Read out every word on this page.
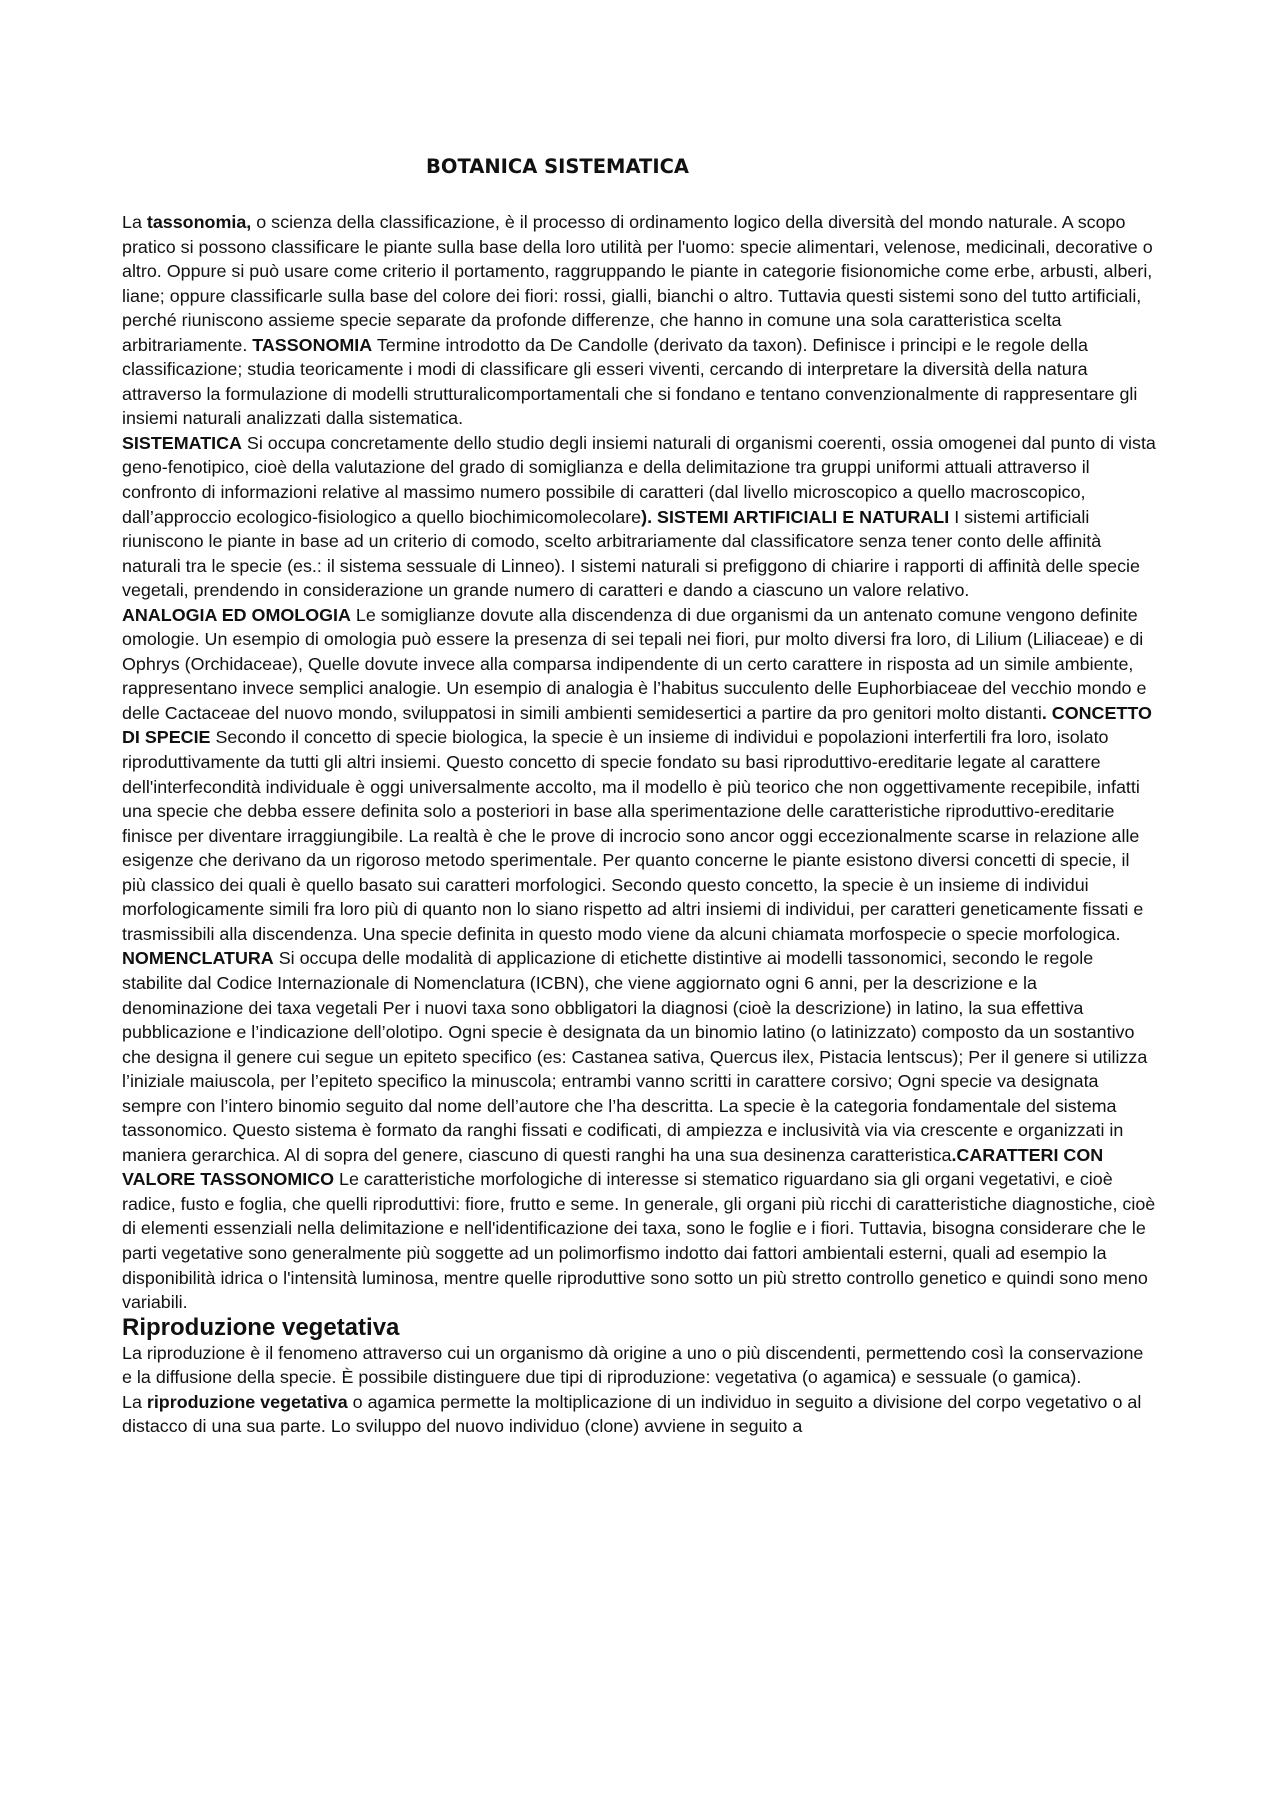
BOTANICA SISTEMATICA

La tassonomia, o scienza della classificazione, è il processo di ordinamento logico della diversità del mondo naturale. A scopo pratico si possono classificare le piante sulla base della loro utilità per l'uomo: specie alimentari, velenose, medicinali, decorative o altro. Oppure si può usare come criterio il portamento, raggruppando le piante in categorie fisionomiche come erbe, arbusti, alberi, liane; oppure classificarle sulla base del colore dei fiori: rossi, gialli, bianchi o altro. Tuttavia questi sistemi sono del tutto artificiali, perché riuniscono assieme specie separate da profonde differenze, che hanno in comune una sola caratteristica scelta arbitrariamente. TASSONOMIA Termine introdotto da De Candolle (derivato da taxon). Definisce i principi e le regole della classificazione; studia teoricamente i modi di classificare gli esseri viventi, cercando di interpretare la diversità della natura attraverso la formulazione di modelli strutturalicomportamentali che si fondano e tentano convenzionalmente di rappresentare gli insiemi naturali analizzati dalla sistematica.
SISTEMATICA Si occupa concretamente dello studio degli insiemi naturali di organismi coerenti, ossia omogenei dal punto di vista geno-fenotipico, cioè della valutazione del grado di somiglianza e della delimitazione tra gruppi uniformi attuali attraverso il confronto di informazioni relative al massimo numero possibile di caratteri (dal livello microscopico a quello macroscopico, dall’approccio ecologico-fisiologico a quello biochimicomolecolare). SISTEMI ARTIFICIALI E NATURALI I sistemi artificiali riuniscono le piante in base ad un criterio di comodo, scelto arbitrariamente dal classificatore senza tener conto delle affinità naturali tra le specie (es.: il sistema sessuale di Linneo). I sistemi naturali si prefiggono di chiarire i rapporti di affinità delle specie vegetali, prendendo in considerazione un grande numero di caratteri e dando a ciascuno un valore relativo.

ANALOGIA ED OMOLOGIA Le somiglianze dovute alla discendenza di due organismi da un antenato comune vengono definite omologie. Un esempio di omologia può essere la presenza di sei tepali nei fiori, pur molto diversi fra loro, di Lilium (Liliaceae) e di Ophrys (Orchidaceae), Quelle dovute invece alla comparsa indipendente di un certo carattere in risposta ad un simile ambiente, rappresentano invece semplici analogie. Un esempio di analogia è l’habitus succulento delle Euphorbiaceae del vecchio mondo e delle Cactaceae del nuovo mondo, sviluppatosi in simili ambienti semidesertici a partire da pro genitori molto distanti. CONCETTO DI SPECIE Secondo il concetto di specie biologica, la specie è un insieme di individui e popolazioni interfertili fra loro, isolato riproduttivamente da tutti gli altri insiemi. Questo concetto di specie fondato su basi riproduttivo-ereditarie legate al carattere dell'interfecondità individuale è oggi universalmente accolto, ma il modello è più teorico che non oggettivamente recepibile, infatti una specie che debba essere definita solo a posteriori in base alla sperimentazione delle caratteristiche riproduttivo-ereditarie finisce per diventare irraggiungibile. La realtà è che le prove di incrocio sono ancor oggi eccezionalmente scarse in relazione alle esigenze che derivano da un rigoroso metodo sperimentale. Per quanto concerne le piante esistono diversi concetti di specie, il più classico dei quali è quello basato sui caratteri morfologici. Secondo questo concetto, la specie è un insieme di individui morfologicamente simili fra loro più di quanto non lo siano rispetto ad altri insiemi di individui, per caratteri geneticamente fissati e trasmissibili alla discendenza. Una specie definita in questo modo viene da alcuni chiamata morfospecie o specie morfologica.
NOMENCLATURA Si occupa delle modalità di applicazione di etichette distintive ai modelli tassonomici, secondo le regole stabilite dal Codice Internazionale di Nomenclatura (ICBN), che viene aggiornato ogni 6 anni, per la descrizione e la denominazione dei taxa vegetali Per i nuovi taxa sono obbligatori la diagnosi (cioè la descrizione) in latino, la sua effettiva pubblicazione e l’indicazione dell’olotipo. Ogni specie è designata da un binomio latino (o latinizzato) composto da un sostantivo che designa il genere cui segue un epiteto specifico (es: Castanea sativa, Quercus ilex, Pistacia lentscus); Per il genere si utilizza l’iniziale maiuscola, per l’epiteto specifico la minuscola; entrambi vanno scritti in carattere corsivo; Ogni specie va designata sempre con l’intero binomio seguito dal nome dell’autore che l’ha descritta. La specie è la categoria fondamentale del sistema tassonomico. Questo sistema è formato da ranghi fissati e codificati, di ampiezza e inclusività via via crescente e organizzati in maniera gerarchica. Al di sopra del genere, ciascuno di questi ranghi ha una sua desinenza caratteristica.CARATTERI CON VALORE TASSONOMICO Le caratteristiche morfologiche di interesse si stematico riguardano sia gli organi vegetativi, e cioè radice, fusto e foglia, che quelli riproduttivi: fiore, frutto e seme. In generale, gli organi più ricchi di caratteristiche diagnostiche, cioè di elementi essenziali nella delimitazione e nell'identificazione dei taxa, sono le foglie e i fiori. Tuttavia, bisogna considerare che le parti vegetative sono generalmente più soggette ad un polimorfismo indotto dai fattori ambientali esterni, quali ad esempio la disponibilità idrica o l'intensità luminosa, mentre quelle riproduttive sono sotto un più stretto controllo genetico e quindi sono meno variabili.

Riproduzione vegetativa

La riproduzione è il fenomeno attraverso cui un organismo dà origine a uno o più discendenti, permettendo così la conservazione e la diffusione della specie. È possibile distinguere due tipi di riproduzione: vegetativa (o agamica) e sessuale (o gamica).

La riproduzione vegetativa o agamica permette la moltiplicazione di un individuo in seguito a divisione del corpo vegetativo o al distacco di una sua parte. Lo sviluppo del nuovo individuo (clone) avviene in seguito a
